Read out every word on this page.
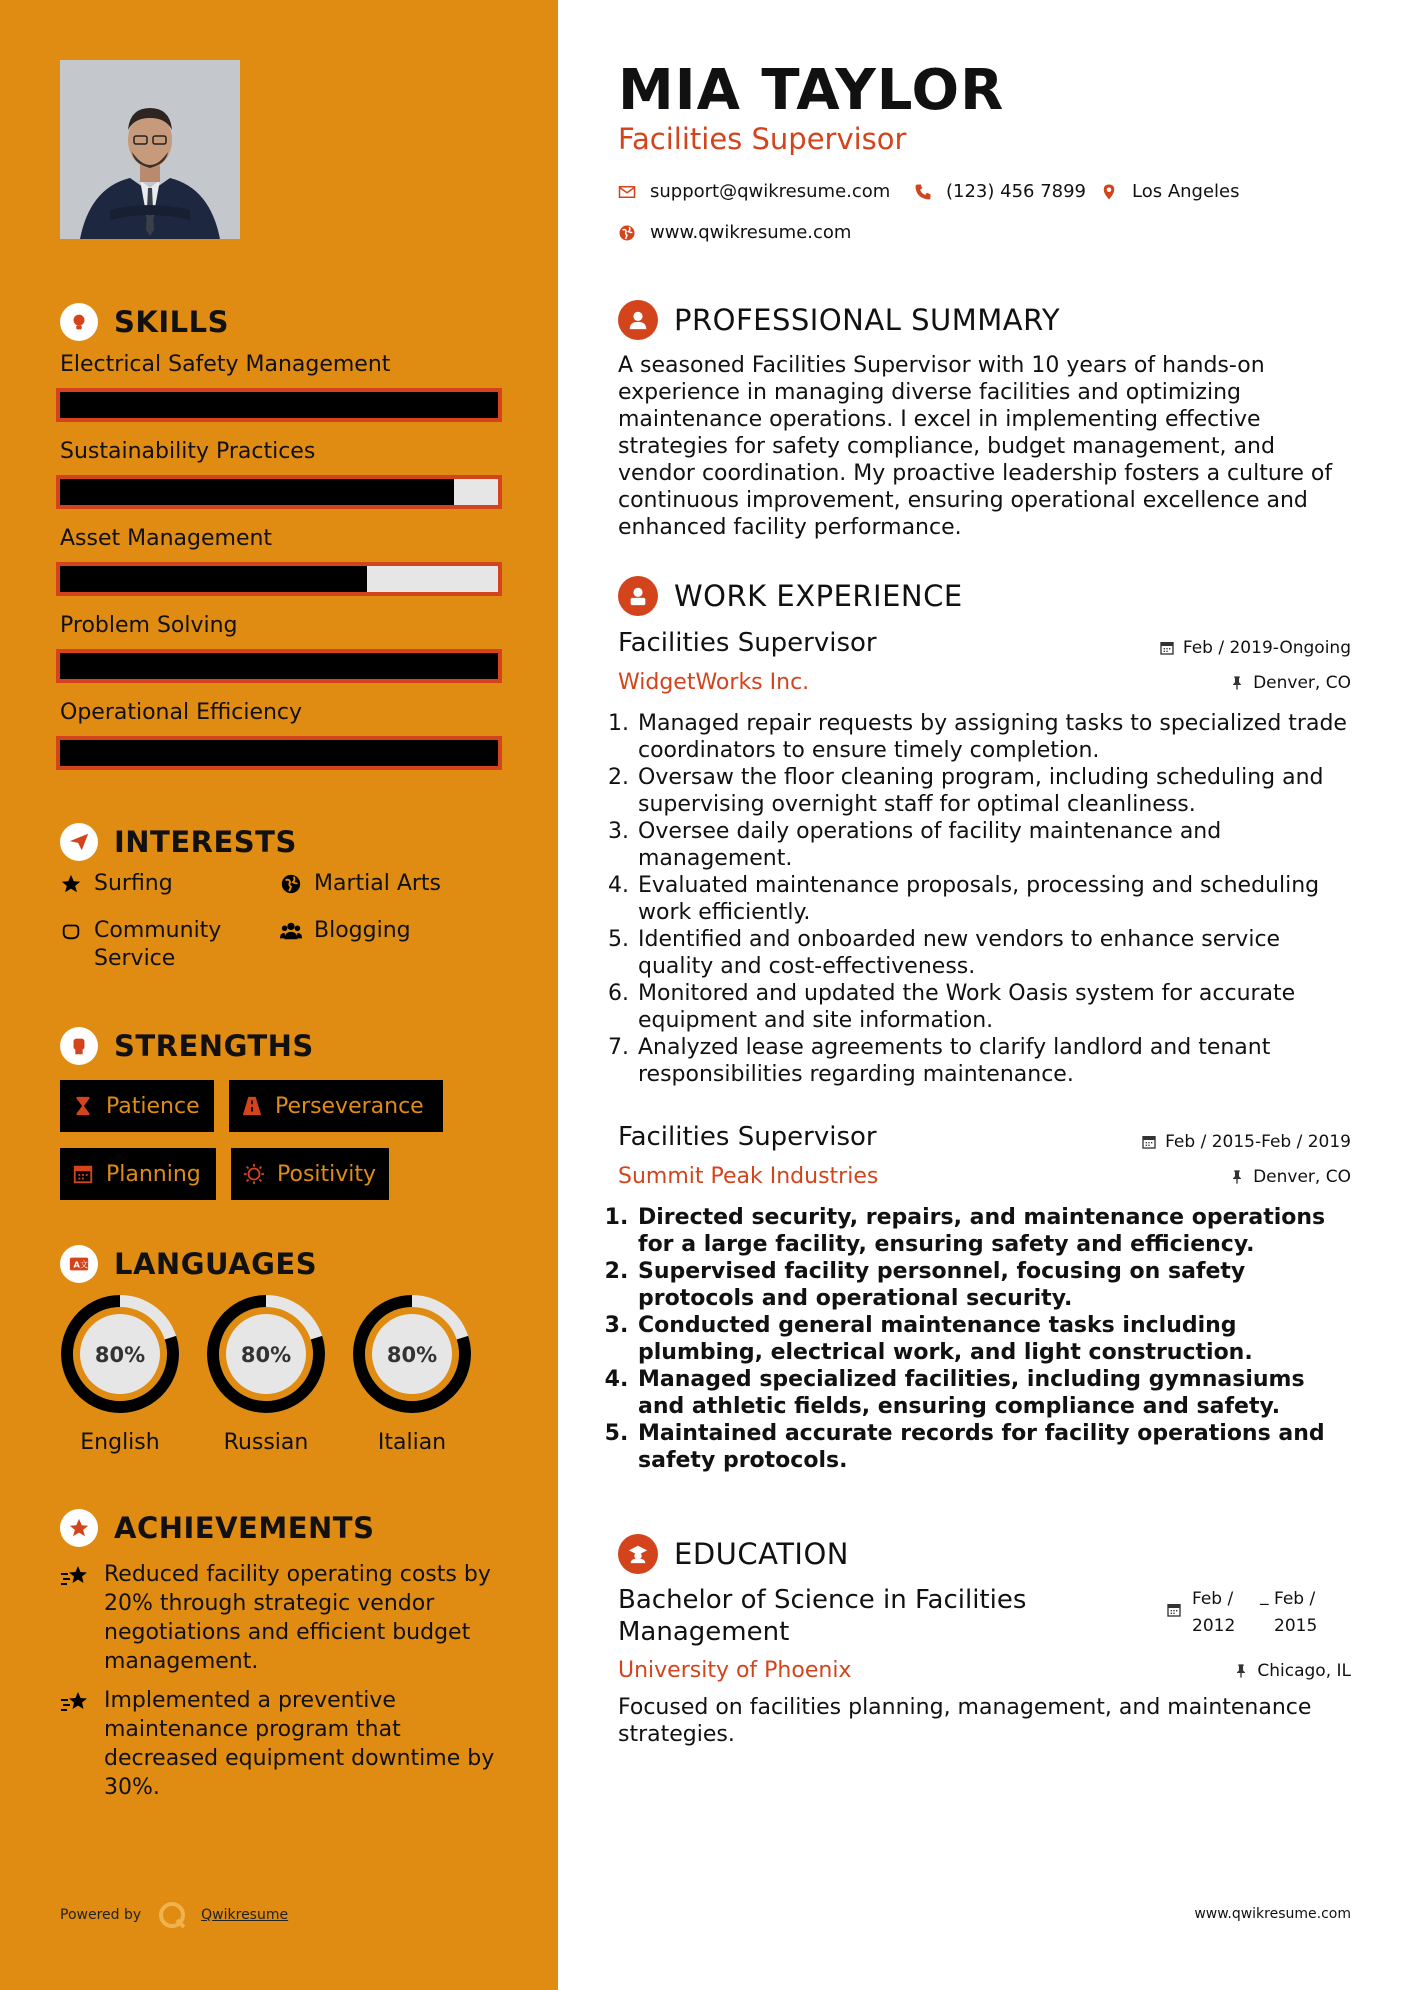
SKILLS
Electrical Safety Management
Sustainability Practices
Asset Management
Problem Solving
Operational Efficiency
INTERESTS
Surfing	Martial Arts
Community Service
Blogging
STRENGTHS
Patience	Perseverance
Planning	Positivity
A 文 LANGUAGES
80%
English
80%
Russian
80%
Italian
ACHIEVEMENTS
Reduced facility operating costs by 20% through strategic vendor negotiations and efficient budget management.
Implemented a preventive maintenance program that decreased equipment downtime by 30%.
Powered by	Qwikresume
MIA TAYLOR
Facilities Supervisor
support@qwikresume.com	(123) 456 7899	Los Angeles
www.qwikresume.com
PROFESSIONAL SUMMARY
A seasoned Facilities Supervisor with 10 years of hands-on experience in managing diverse facilities and optimizing maintenance operations. I excel in implementing effective strategies for safety compliance, budget management, and vendor coordination. My proactive leadership fosters a culture of continuous improvement, ensuring operational excellence and enhanced facility performance.
WORK EXPERIENCE
Facilities Supervisor	Feb / 2019-Ongoing
WidgetWorks Inc.	Denver, CO
1. Managed repair requests by assigning tasks to specialized trade coordinators to ensure timely completion.
2. Oversaw the floor cleaning program, including scheduling and supervising overnight staff for optimal cleanliness.
3. Oversee daily operations of facility maintenance and management.
4. Evaluated maintenance proposals, processing and scheduling work efficiently.
5. Identified and onboarded new vendors to enhance service quality and cost-effectiveness.
6. Monitored and updated the Work Oasis system for accurate equipment and site information.
7. Analyzed lease agreements to clarify landlord and tenant responsibilities regarding maintenance.
Facilities Supervisor	Feb / 2015-Feb / 2019
Summit Peak Industries	Denver, CO
1. Directed security, repairs, and maintenance operations for a large facility, ensuring safety and efficiency.
2. Supervised facility personnel, focusing on safety protocols and operational security.
3. Conducted general maintenance tasks including plumbing, electrical work, and light construction.
4. Managed specialized facilities, including gymnasiums and athletic fields, ensuring compliance and safety.
5. Maintained accurate records for facility operations and safety protocols.
EDUCATION
Bachelor of Science in Facilities Management
Feb / 2012
_ Feb / 2015
University of Phoenix	Chicago, IL
Focused on facilities planning, management, and maintenance strategies.
www.qwikresume.com
